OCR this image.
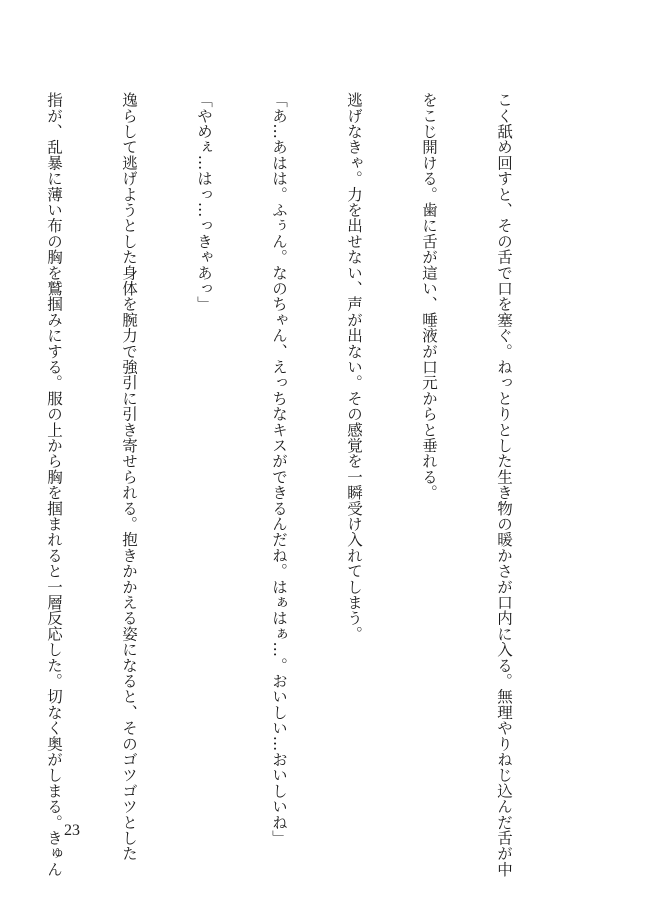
こく舐め回すと、その舌で口を塞ぐ。ねっとりとした生き物の暖かさが口内に入る。無理やりねじ込んだ舌が中

をこじ開ける。歯に舌が這い、唾液が口元からと垂れる。

逃げなきゃ。力を出せない、声が出ない。その感覚を一瞬受け入れてしまう。

「あ…あはは。ふぅん。なのちゃん、えっちなキスができるんだね。はぁはぁ…。おいしい…おいしいね」

「やめぇ…はっ…っきゃあっ」

逸らして逃げようとした身体を腕力で強引に引き寄せられる。抱きかかえる姿になると、そのゴツゴツとした

指が、乱暴に薄い布の胸を鷲掴みにする。服の上から胸を掴まれると一層反応した。切なく奥がしまる。きゅん

23
